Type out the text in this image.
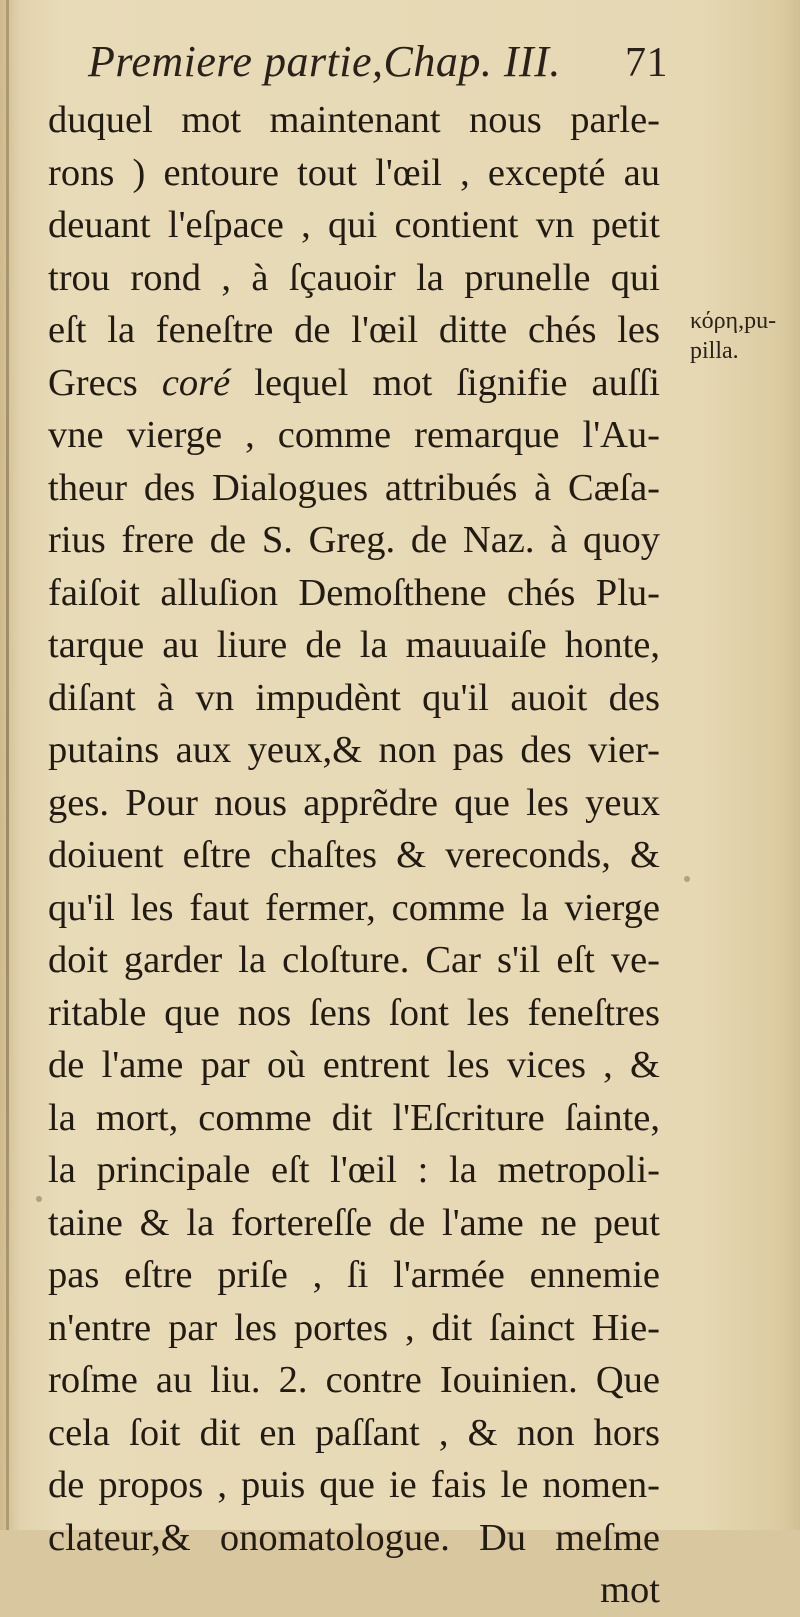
Premiere partie,Chap. III. 71
duquel mot maintenant nous parle-
rons ) entoure tout l'œil , excepté au
deuant l'eſpace , qui contient vn petit
trou rond , à ſçauoir la prunelle qui
eſt la feneſtre de l'œil ditte chés les
Grecs coré lequel mot ſignifie auſſi
vne vierge , comme remarque l'Au-
theur des Dialogues attribués à Cæſa-
rius frere de S. Greg. de Naz. à quoy
faiſoit alluſion Demoſthene chés Plu-
tarque au liure de la mauuaiſe honte,
diſant à vn impudènt qu'il auoit des
putains aux yeux,& non pas des vier-
ges. Pour nous apprẽdre que les yeux
doiuent eſtre chaſtes & vereconds, &
qu'il les faut fermer, comme la vierge
doit garder la cloſture. Car s'il eſt ve-
ritable que nos ſens ſont les feneſtres
de l'ame par où entrent les vices , &
la mort, comme dit l'Eſcriture ſainte,
la principale eſt l'œil : la metropoli-
taine & la fortereſſe de l'ame ne peut
pas eſtre priſe , ſi l'armée ennemie
n'entre par les portes , dit ſainct Hie-
roſme au liu. 2. contre Iouinien. Que
cela ſoit dit en paſſant , & non hors
de propos , puis que ie fais le nomen-
clateur,& onomatologue. Du meſme
mot
κόρη,pu-
pilla.
